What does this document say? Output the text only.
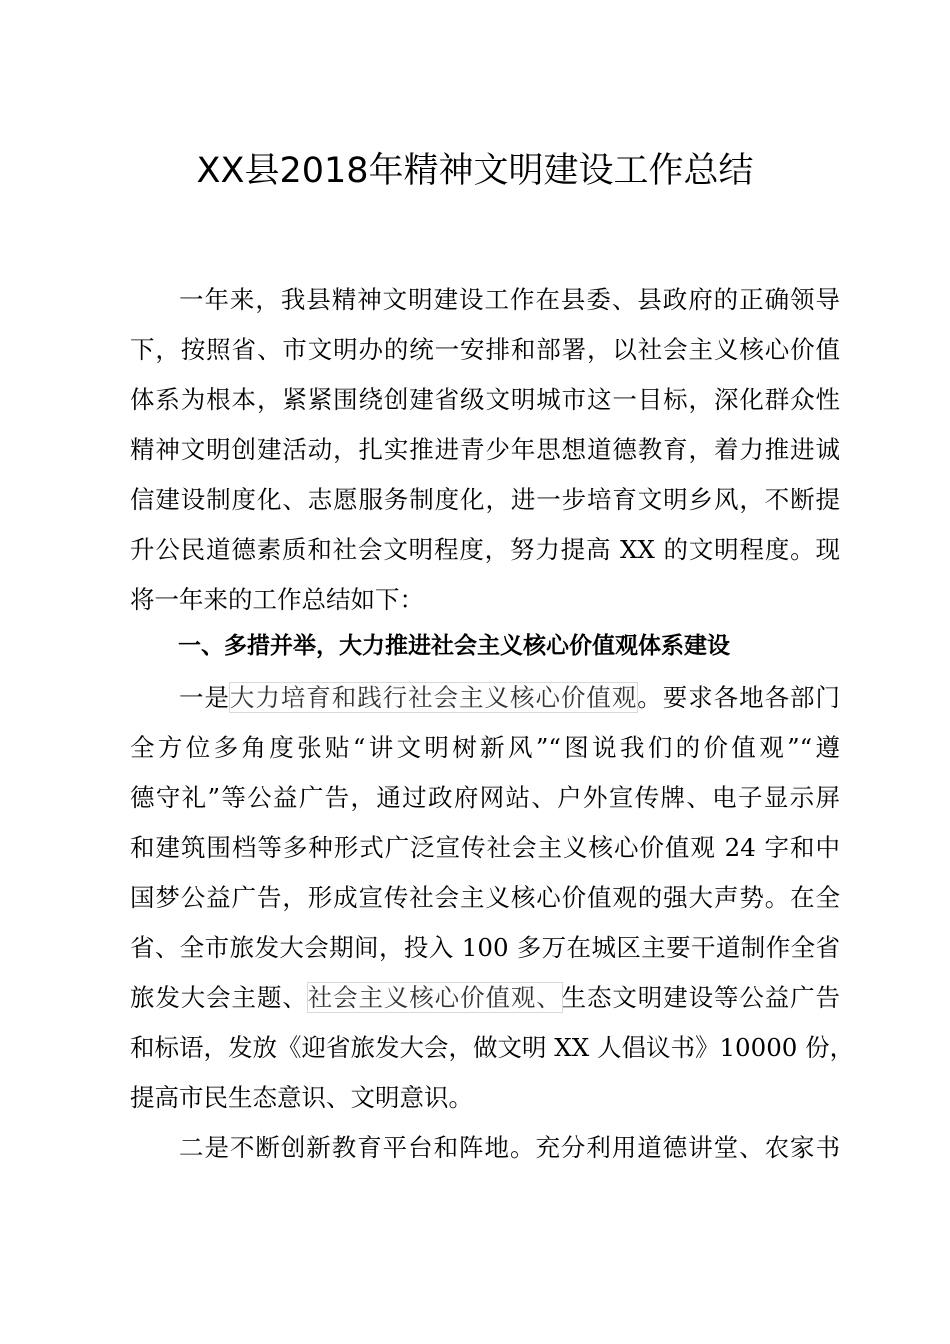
XX县2018年精神文明建设工作总结
一年来，我县精神文明建设工作在县委、县政府的正确领导
下，按照省、市文明办的统一安排和部署，以社会主义核心价值
体系为根本，紧紧围绕创建省级文明城市这一目标，深化群众性
精神文明创建活动，扎实推进青少年思想道德教育，着力推进诚
信建设制度化、志愿服务制度化，进一步培育文明乡风，不断提
升公民道德素质和社会文明程度，努力提高 XX 的文明程度。现
将一年来的工作总结如下：
一、多措并举，大力推进社会主义核心价值观体系建设
一是大力培育和践行社会主义核心价值观。要求各地各部门
全方位多角度张贴“讲文明树新风”“图说我们的价值观”“遵
德守礼”等公益广告，通过政府网站、户外宣传牌、电子显示屏
和建筑围档等多种形式广泛宣传社会主义核心价值观 24 字和中
国梦公益广告，形成宣传社会主义核心价值观的强大声势。在全
省、全市旅发大会期间，投入 100 多万在城区主要干道制作全省
旅发大会主题、社会主义核心价值观、生态文明建设等公益广告
和标语，发放《迎省旅发大会，做文明 XX 人倡议书》10000 份，
提高市民生态意识、文明意识。
二是不断创新教育平台和阵地。充分利用道德讲堂、农家书
